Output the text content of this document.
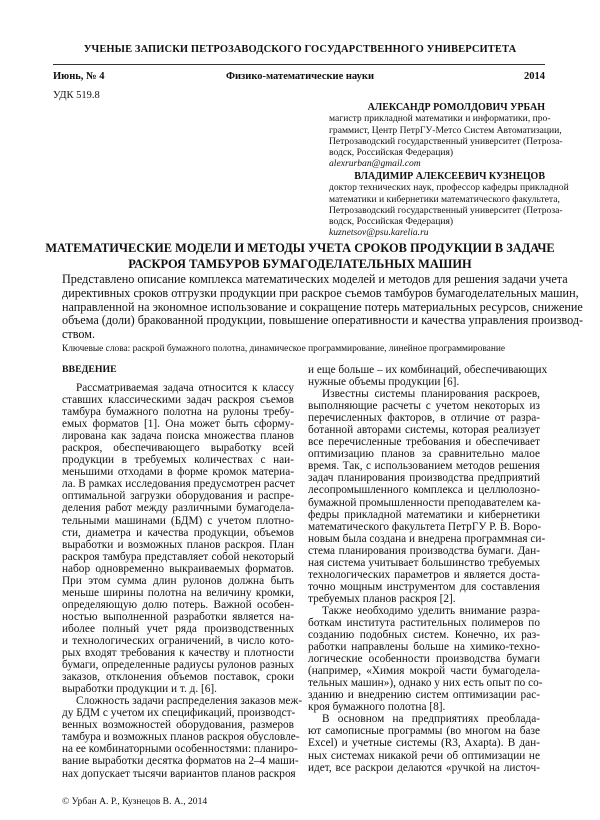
УЧЕНЫЕ ЗАПИСКИ ПЕТРОЗАВОДСКОГО ГОСУДАРСТВЕННОГО УНИВЕРСИТЕТА
Июнь, № 4	Физико-математические науки	2014
УДК 519.8
АЛЕКСАНДР РОМОЛДОВИЧ УРБАН
магистр прикладной математики и информатики, про-
граммист, Центр ПетрГУ-Метсо Систем Автоматизации,
Петрозаводский государственный университет (Петроза-
водск, Российская Федерация)
alexrurban@gmail.com
ВЛАДИМИР АЛЕКСЕЕВИЧ КУЗНЕЦОВ
доктор технических наук, профессор кафедры прикладной
математики и кибернетики математического факультета,
Петрозаводский государственный университет (Петроза-
водск, Российская Федерация)
kuznetsov@psu.karelia.ru
МАТЕМАТИЧЕСКИЕ МОДЕЛИ И МЕТОДЫ УЧЕТА СРОКОВ ПРОДУКЦИИ В ЗАДАЧЕ
РАСКРОЯ ТАМБУРОВ БУМАГОДЕЛАТЕЛЬНЫХ МАШИН
Представлено описание комплекса математических моделей и методов для решения задачи учета
директивных сроков отгрузки продукции при раскрое съемов тамбуров бумагоделательных машин,
направленной на экономное использование и сокращение потерь материальных ресурсов, снижение
объема (доли) бракованной продукции, повышение оперативности и качества управления производ-
ством.
Ключевые слова: раскрой бумажного полотна, динамическое программирование, линейное программирование
ВВЕДЕНИЕ
Рассматриваемая задача относится к классу
ставших классическими задач раскроя съемов
тамбура бумажного полотна на рулоны требу-
емых форматов [1]. Она может быть сформу-
лирована как задача поиска множества планов
раскроя, обеспечивающего выработку всей
продукции в требуемых количествах с наи-
меньшими отходами в форме кромок материа-
ла. В рамках исследования предусмотрен расчет
оптимальной загрузки оборудования и распре-
деления работ между различными бумагодела-
тельными машинами (БДМ) с учетом плотно-
сти, диаметра и качества продукции, объемов
выработки и возможных планов раскроя. План
раскроя тамбура представляет собой некоторый
набор одновременно выкраиваемых форматов.
При этом сумма длин рулонов должна быть
меньше ширины полотна на величину кромки,
определяющую долю потерь. Важной особен-
ностью выполненной разработки является на-
иболее полный учет ряда производственных
и технологических ограничений, в число кото-
рых входят требования к качеству и плотности
бумаги, определенные радиусы рулонов разных
заказов, отклонения объемов поставок, сроки
выработки продукции и т. д. [6].
Сложность задачи распределения заказов меж-
ду БДМ с учетом их спецификаций, производст-
венных возможностей оборудования, размеров
тамбура и возможных планов раскроя обусловле-
на ее комбинаторными особенностями: планиро-
вание выработки десятка форматов на 2–4 маши-
нах допускает тысячи вариантов планов раскроя
и еще больше – их комбинаций, обеспечивающих
нужные объемы продукции [6].
Известны системы планирования раскроев,
выполняющие расчеты с учетом некоторых из
перечисленных факторов, в отличие от разра-
ботанной авторами системы, которая реализует
все перечисленные требования и обеспечивает
оптимизацию планов за сравнительно малое
время. Так, с использованием методов решения
задач планирования производства предприятий
лесопромышленного комплекса и целлюлозно-
бумажной промышленности преподавателем ка-
федры прикладной математики и кибернетики
математического факультета ПетрГУ Р. В. Воро-
новым была создана и внедрена программная си-
стема планирования производства бумаги. Дан-
ная система учитывает большинство требуемых
технологических параметров и является доста-
точно мощным инструментом для составления
требуемых планов раскроя [2].
Также необходимо уделить внимание разра-
боткам института растительных полимеров по
созданию подобных систем. Конечно, их раз-
работки направлены больше на химико-техно-
логические особенности производства бумаги
(например, «Химия мокрой части бумагодела-
тельных машин»), однако у них есть опыт по со-
зданию и внедрению систем оптимизации рас-
кроя бумажного полотна [8].
В основном на предприятиях преоблада-
ют самописные программы (во многом на базе
Excel) и учетные системы (R3, Axapta). В дан-
ных системах никакой речи об оптимизации не
идет, все раскрои делаются «ручкой на листоч-
© Урбан А. Р., Кузнецов В. А., 2014
